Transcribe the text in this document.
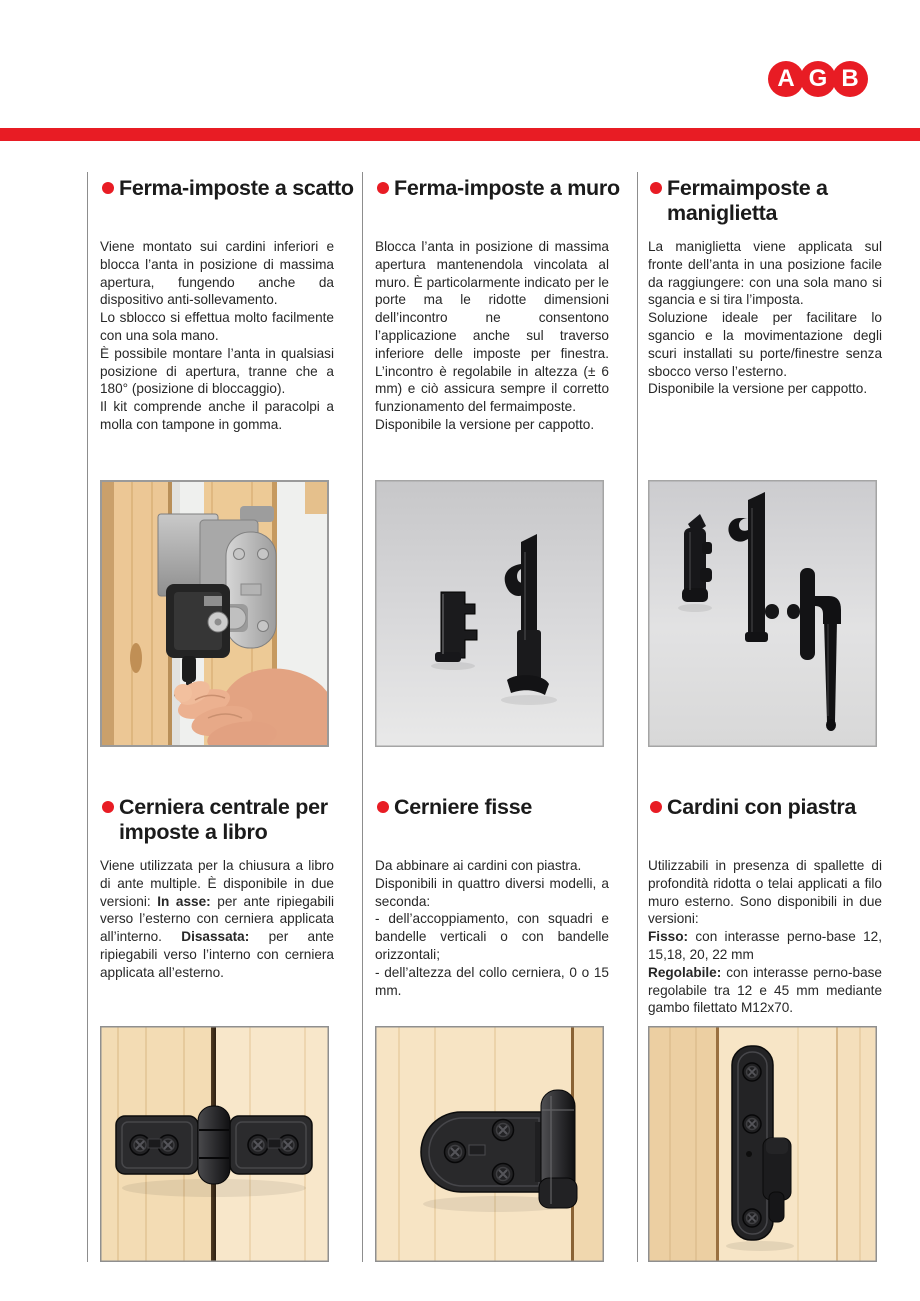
A G B
Ferma-imposte a scatto

Viene montato sui cardini inferiori e blocca l’anta in posizione di massima apertura, fungendo anche da dispositivo anti-sollevamento.

Lo sblocco si effettua molto facilmente con una sola mano.

È possibile montare l’anta in qualsiasi posizione di apertura, tranne che a 180° (posizione di bloccaggio).

Il kit comprende anche il paracolpi a molla con tampone in gomma.

Ferma-imposte a muro

Blocca l’anta in posizione di massima apertura mantenendola vincolata al muro. È particolarmente indicato per le porte ma le ridotte dimensioni dell’incontro ne consentono l’applicazione anche sul traverso inferiore delle imposte per finestra. L’incontro è regolabile in altezza (± 6 mm) e ciò assicura sempre il corretto funzionamento del fermaimposte.

Disponibile la versione per cappotto.

Fermaimposte a
maniglietta

La maniglietta viene applicata sul fronte dell’anta in una posizione facile da raggiungere: con una sola mano si sgancia e si tira l’imposta.

Soluzione ideale per facilitare lo sgancio e la movimentazione degli scuri installati su porte/finestre senza sbocco verso l’esterno.

Disponibile la versione per cappotto.

Cerniera centrale per
imposte a libro

Viene utilizzata per la chiusura a libro di ante multiple. È disponibile in due versioni: In asse: per ante ripiegabili verso l’esterno con cerniera applicata all’interno. Disassata: per ante ripiegabili verso l’interno con cerniera applicata all’esterno.

Cerniere fisse

Da abbinare ai cardini con piastra.

Disponibili in quattro diversi modelli, a seconda:

- dell’accoppiamento, con squadri e bandelle verticali o con bandelle orizzontali;

- dell’altezza del collo cerniera, 0 o 15 mm.

Cardini con piastra

Utilizzabili in presenza di spallette di profondità ridotta o telai applicati a filo muro esterno. Sono disponibili in due versioni:

Fisso: con interasse perno-base 12, 15,18, 20, 22 mm

Regolabile: con interasse perno-base regolabile tra 12 e 45 mm mediante gambo filettato M12x70.
